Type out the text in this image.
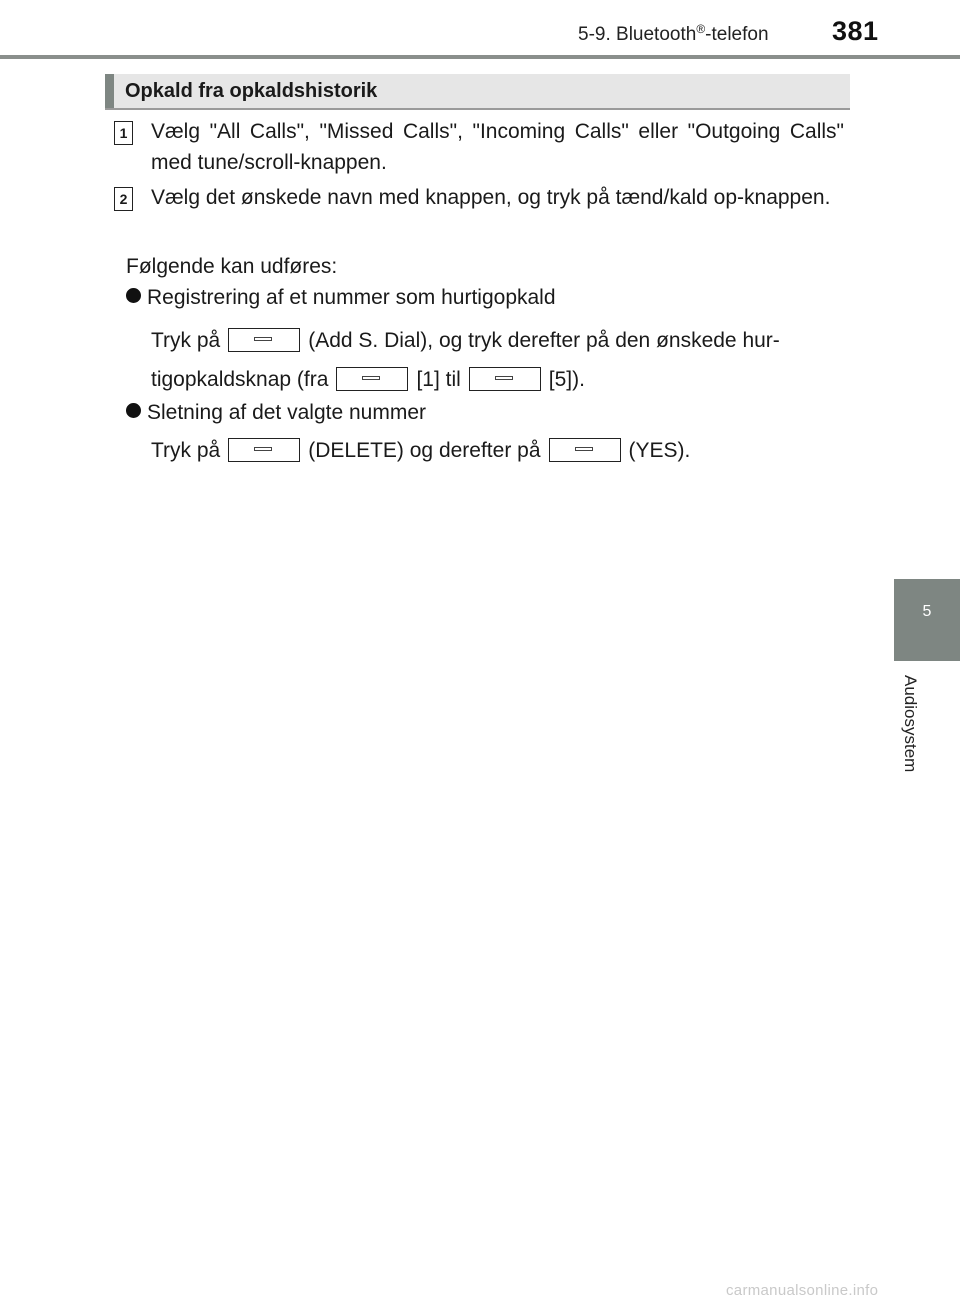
5-9. Bluetooth®-telefon 381
Opkald fra opkaldshistorik
1 Vælg "All Calls", "Missed Calls", "Incoming Calls" eller "Outgoing Calls" med tune/scroll-knappen.
2 Vælg det ønskede navn med knappen, og tryk på tænd/kald op-knappen.
Følgende kan udføres:
Registrering af et nummer som hurtigopkald
Tryk på	(Add S. Dial), og tryk derefter på den ønskede hur-
tigopkaldsknap (fra	[1] til	[5]).
Sletning af det valgte nummer
Tryk på	(DELETE) og derefter på	(YES).
5
Audiosystem
carmanualsonline.info
